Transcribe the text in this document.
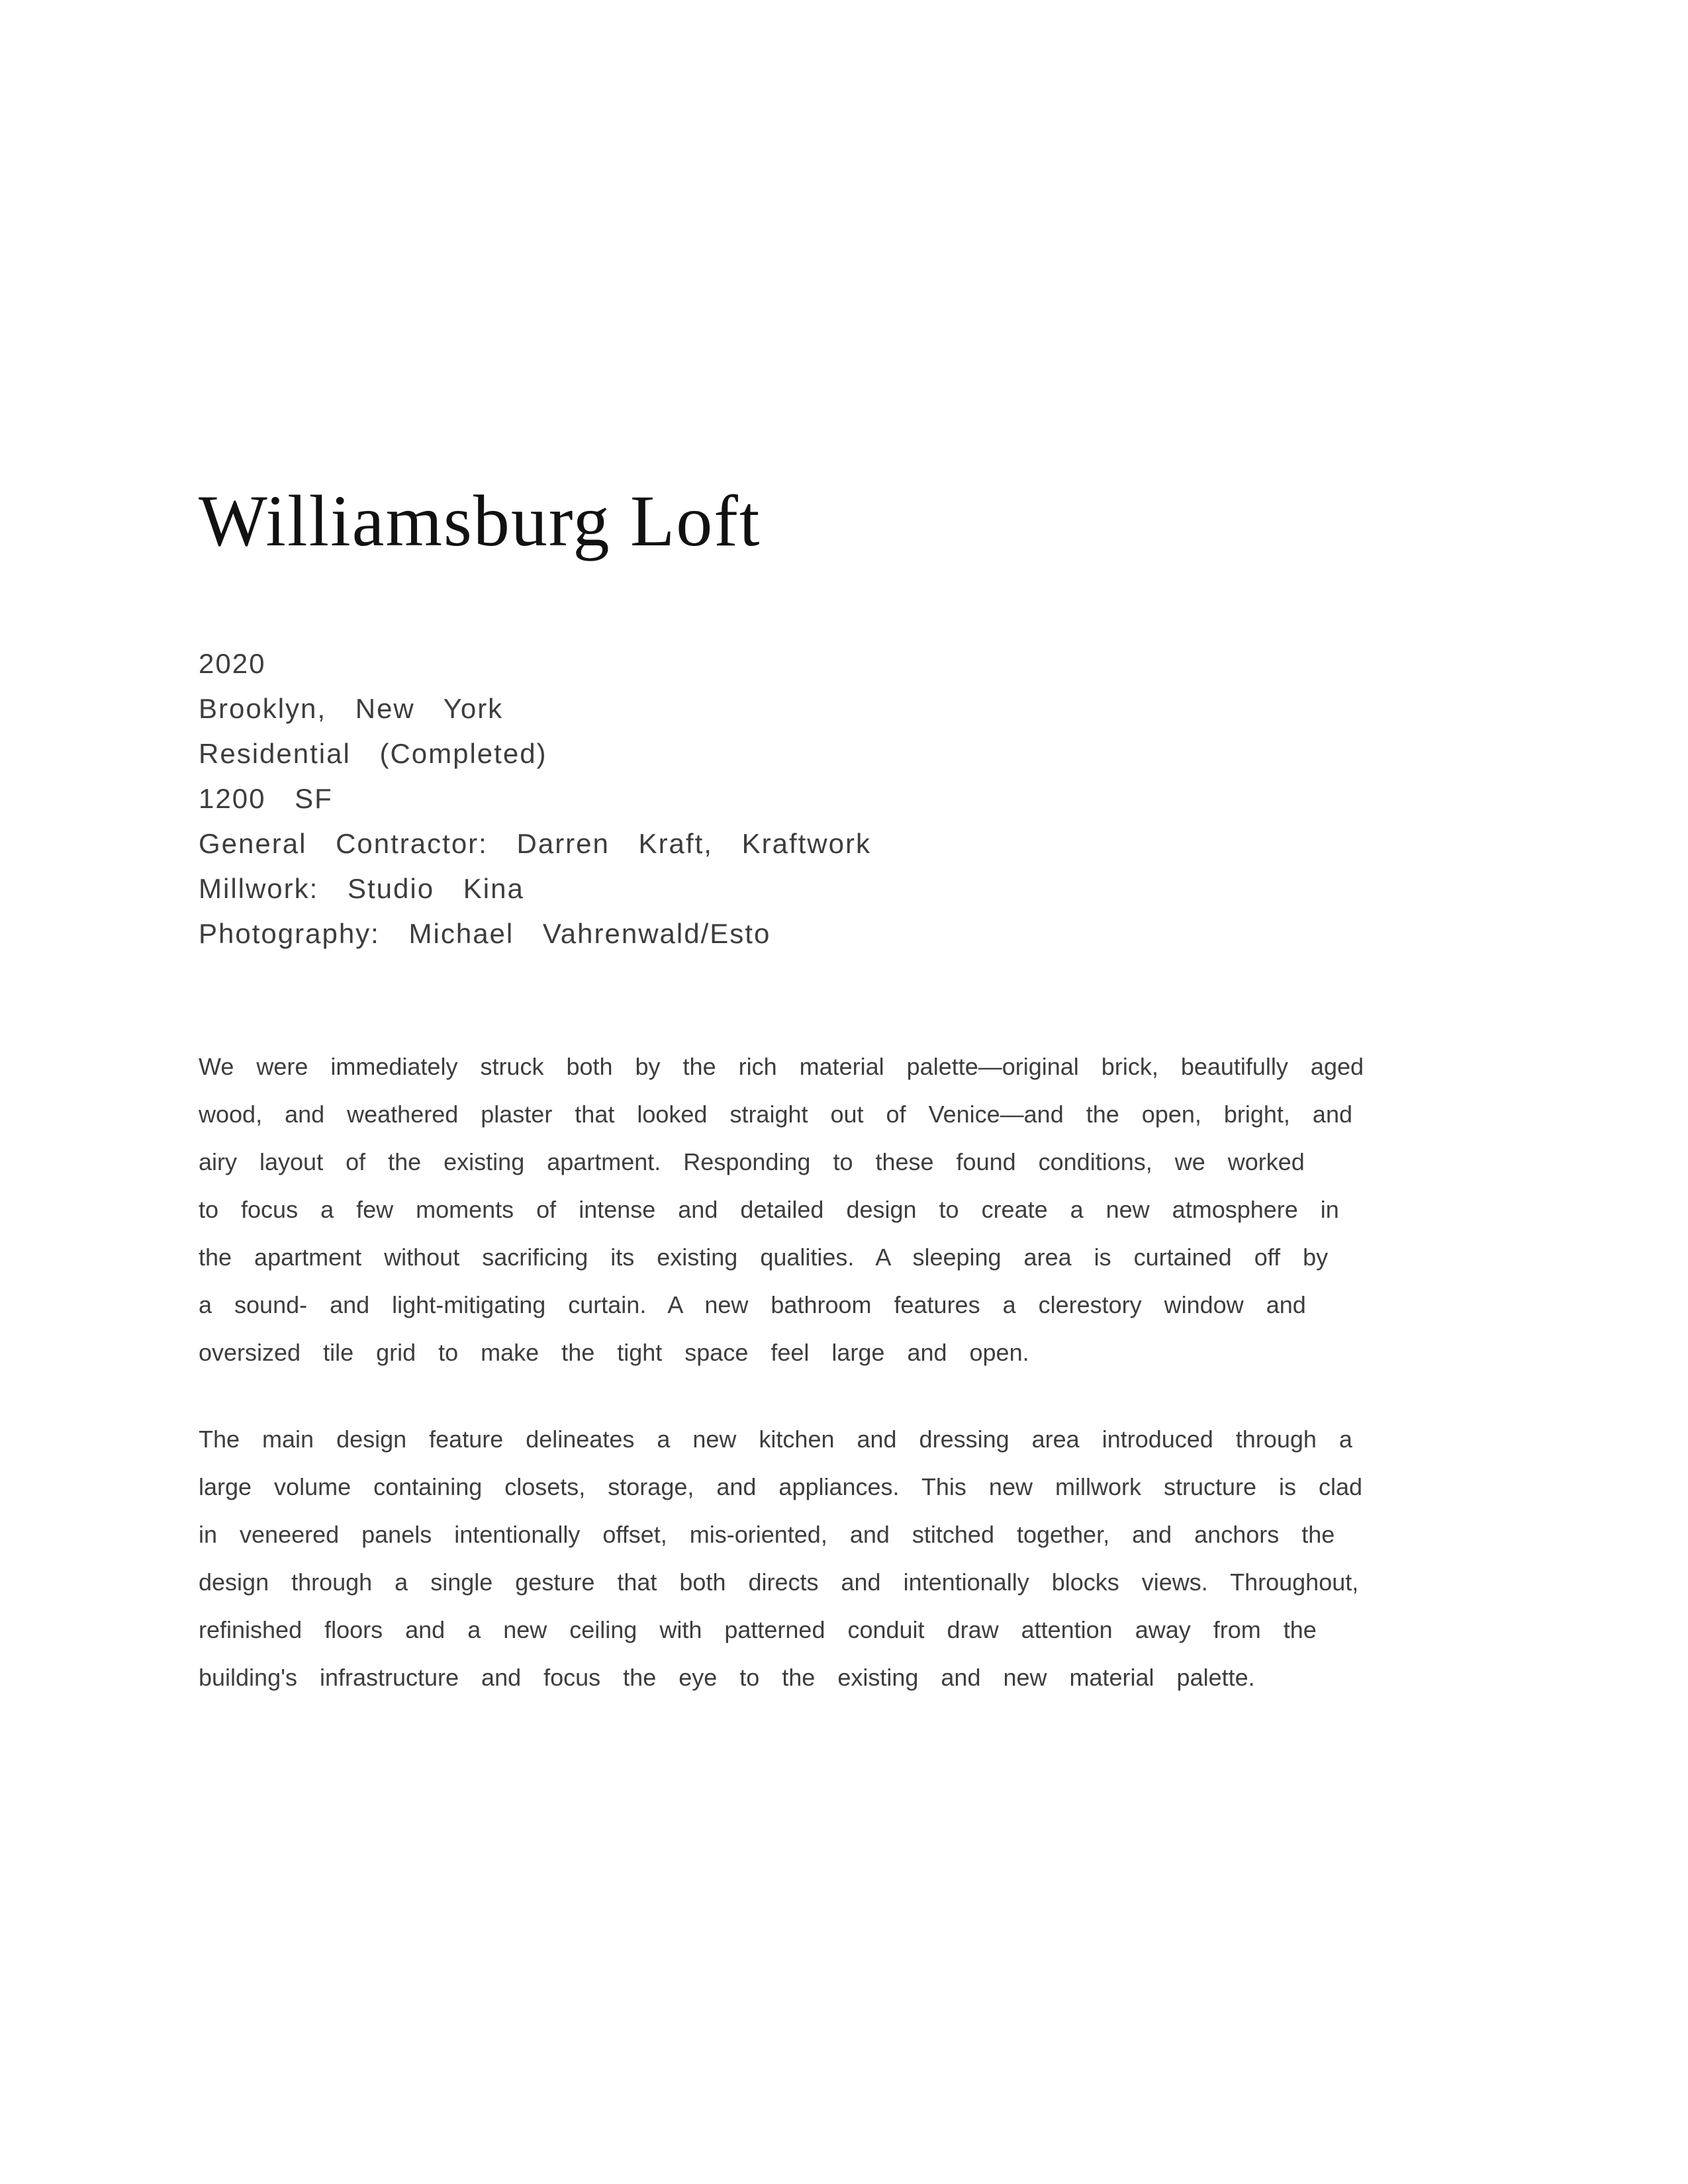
Williamsburg Loft
2020
Brooklyn, New York
Residential (Completed)
1200 SF
General Contractor: Darren Kraft, Kraftwork
Millwork: Studio Kina
Photography: Michael Vahrenwald/Esto
We were immediately struck both by the rich material palette—original brick, beautifully aged
wood, and weathered plaster that looked straight out of Venice—and the open, bright, and
airy layout of the existing apartment. Responding to these found conditions, we worked
to focus a few moments of intense and detailed design to create a new atmosphere in
the apartment without sacrificing its existing qualities. A sleeping area is curtained off by
a sound- and light-mitigating curtain. A new bathroom features a clerestory window and
oversized tile grid to make the tight space feel large and open.
The main design feature delineates a new kitchen and dressing area introduced through a
large volume containing closets, storage, and appliances. This new millwork structure is clad
in veneered panels intentionally offset, mis-oriented, and stitched together, and anchors the
design through a single gesture that both directs and intentionally blocks views. Throughout,
refinished floors and a new ceiling with patterned conduit draw attention away from the
building's infrastructure and focus the eye to the existing and new material palette.
